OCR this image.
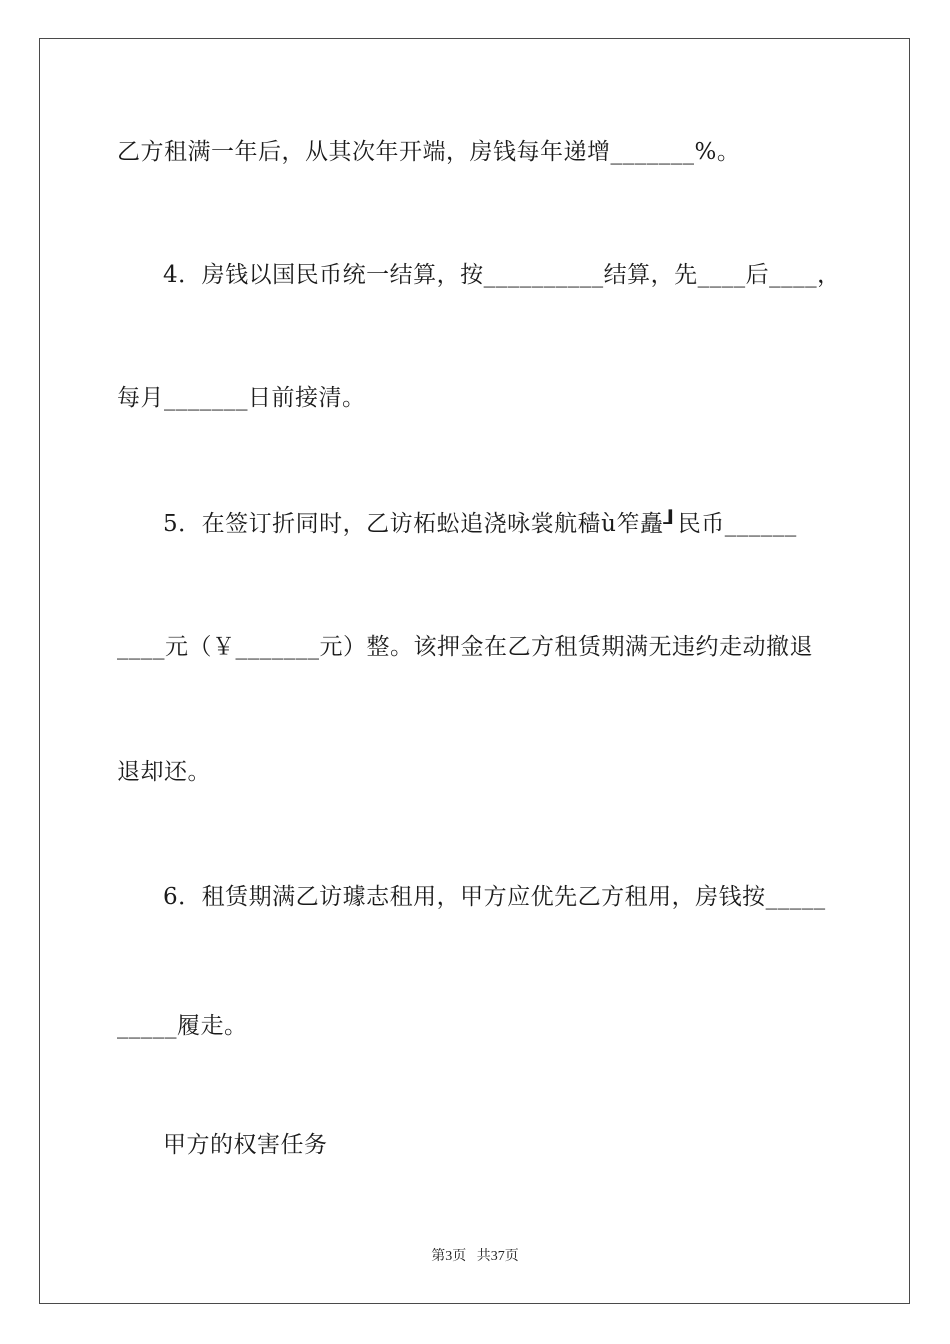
乙方租满一年后，从其次年开端，房钱每年递增_______%。
4．房钱以国民币统一结算，按__________结算，先____后____，
每月_______日前接清。
5．在签订折同时，乙访柘蚣追浇咏裳航穑ù笮矗┚民币______
____元（￥_______元）整。该押金在乙方租赁期满无违约走动撤退
退却还。
6．租赁期满乙访璩志租用，甲方应优先乙方租用，房钱按_____
_____履走。
甲方的权害任务
第3页 共37页
